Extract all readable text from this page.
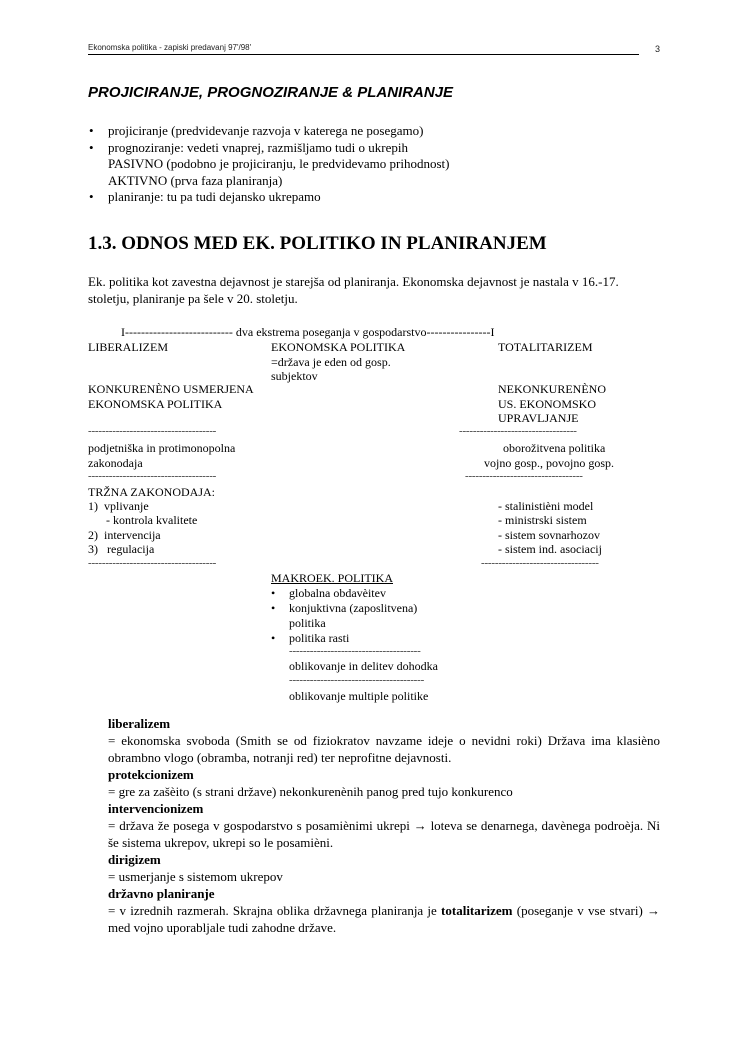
Ekonomska politika - zapiski predavanj 97'/98'	3
PROJICIRANJE, PROGNOZIRANJE & PLANIRANJE
• projiciranje (predvidevanje razvoja v katerega ne posegamo)
• prognoziranje: vedeti vnaprej, razmišljamo tudi o ukrepih
PASIVNO (podobno je projiciranju, le predvidevamo prihodnost)
AKTIVNO (prva faza planiranja)
• planiranje: tu pa tudi dejansko ukrepamo
1.3. ODNOS MED EK. POLITIKO IN PLANIRANJEM
Ek. politika kot zavestna dejavnost je starejša od planiranja. Ekonomska dejavnost je nastala v 16.-17. stoletju, planiranje pa šele v 20. stoletju.
I--------------------------- dva ekstrema poseganja v gospodarstvo----------------I
LIBERALIZEM
KONKURENÈNO USMERJENA
EKONOMSKA POLITIKA
-------------------------------------
podjetniška in protimonopolna
zakonodaja
-------------------------------------
TRŽNA ZAKONODAJA:
1)  vplivanje
- kontrola kvalitete
2)  intervencija
3)   regulacija
-------------------------------------
EKONOMSKA POLITIKA
=država je eden od gosp.
subjektov
MAKROEK. POLITIKA
• globalna obdavèitev
• konjuktivna (zaposlitvena)
politika
• politika rasti
--------------------------------------
oblikovanje in delitev dohodka
---------------------------------------
oblikovanje multiple politike
TOTALITARIZEM
NEKONKURENÈNO
US. EKONOMSKO
UPRAVLJANJE
----------------------------------
oborožitvena politika
vojno gosp., povojno gosp.
----------------------------------
- stalinistièni model
- ministrski sistem
- sistem sovnarhozov
- sistem ind. asociacij
----------------------------------
liberalizem
= ekonomska svoboda (Smith se od fiziokratov navzame ideje o nevidni roki) Država ima klasièno obrambno vlogo (obramba, notranji red) ter neprofitne dejavnosti.
protekcionizem
= gre za zašèito (s strani države) nekonkurenènih panog pred tujo konkurenco
intervencionizem
= država že posega v gospodarstvo s posamiènimi ukrepi → loteva se denarnega, davènega podroèja. Ni še sistema ukrepov, ukrepi so le posamièni.
dirigizem
= usmerjanje s sistemom ukrepov
državno planiranje
= v izrednih razmerah. Skrajna oblika državnega planiranja je totalitarizem (poseganje v vse stvari) → med vojno uporabljale tudi zahodne države.
